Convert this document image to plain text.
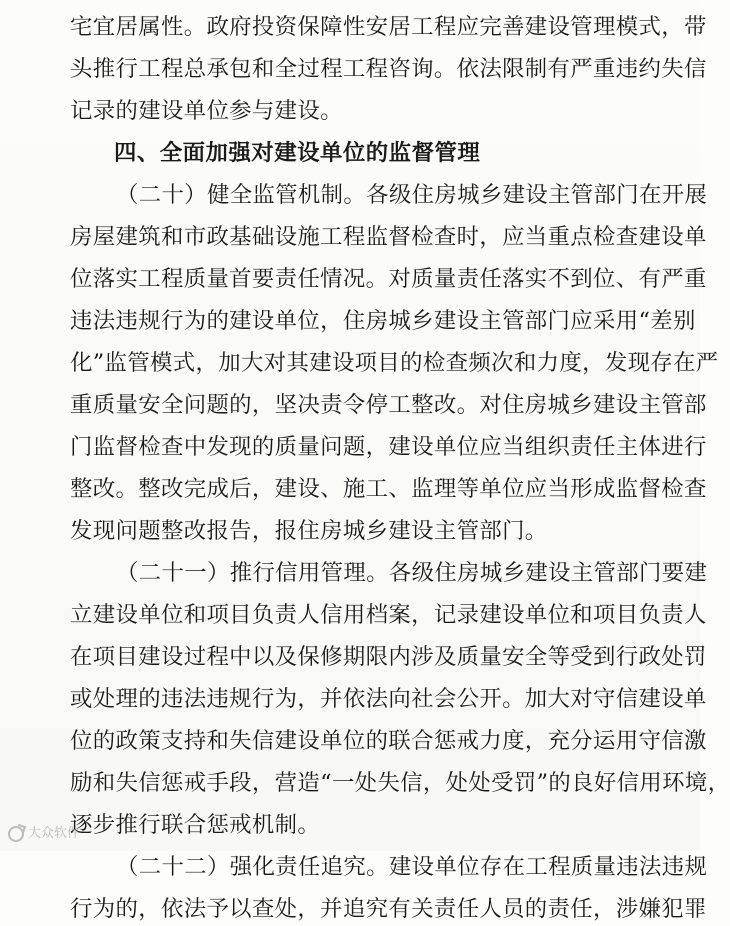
宅宜居属性。政府投资保障性安居工程应完善建设管理模式，带
头推行工程总承包和全过程工程咨询。依法限制有严重违约失信
记录的建设单位参与建设。
四、全面加强对建设单位的监督管理
（二十）健全监管机制。各级住房城乡建设主管部门在开展
房屋建筑和市政基础设施工程监督检查时，应当重点检查建设单
位落实工程质量首要责任情况。对质量责任落实不到位、有严重
违法违规行为的建设单位，住房城乡建设主管部门应采用“差别
化”监管模式，加大对其建设项目的检查频次和力度，发现存在严
重质量安全问题的，坚决责令停工整改。对住房城乡建设主管部
门监督检查中发现的质量问题，建设单位应当组织责任主体进行
整改。整改完成后，建设、施工、监理等单位应当形成监督检查
发现问题整改报告，报住房城乡建设主管部门。
（二十一）推行信用管理。各级住房城乡建设主管部门要建
立建设单位和项目负责人信用档案，记录建设单位和项目负责人
在项目建设过程中以及保修期限内涉及质量安全等受到行政处罚
或处理的违法违规行为，并依法向社会公开。加大对守信建设单
位的政策支持和失信建设单位的联合惩戒力度，充分运用守信激
励和失信惩戒手段，营造“一处失信，处处受罚”的良好信用环境，
逐步推行联合惩戒机制。
（二十二）强化责任追究。建设单位存在工程质量违法违规
行为的，依法予以查处，并追究有关责任人员的责任，涉嫌犯罪
大众软件
